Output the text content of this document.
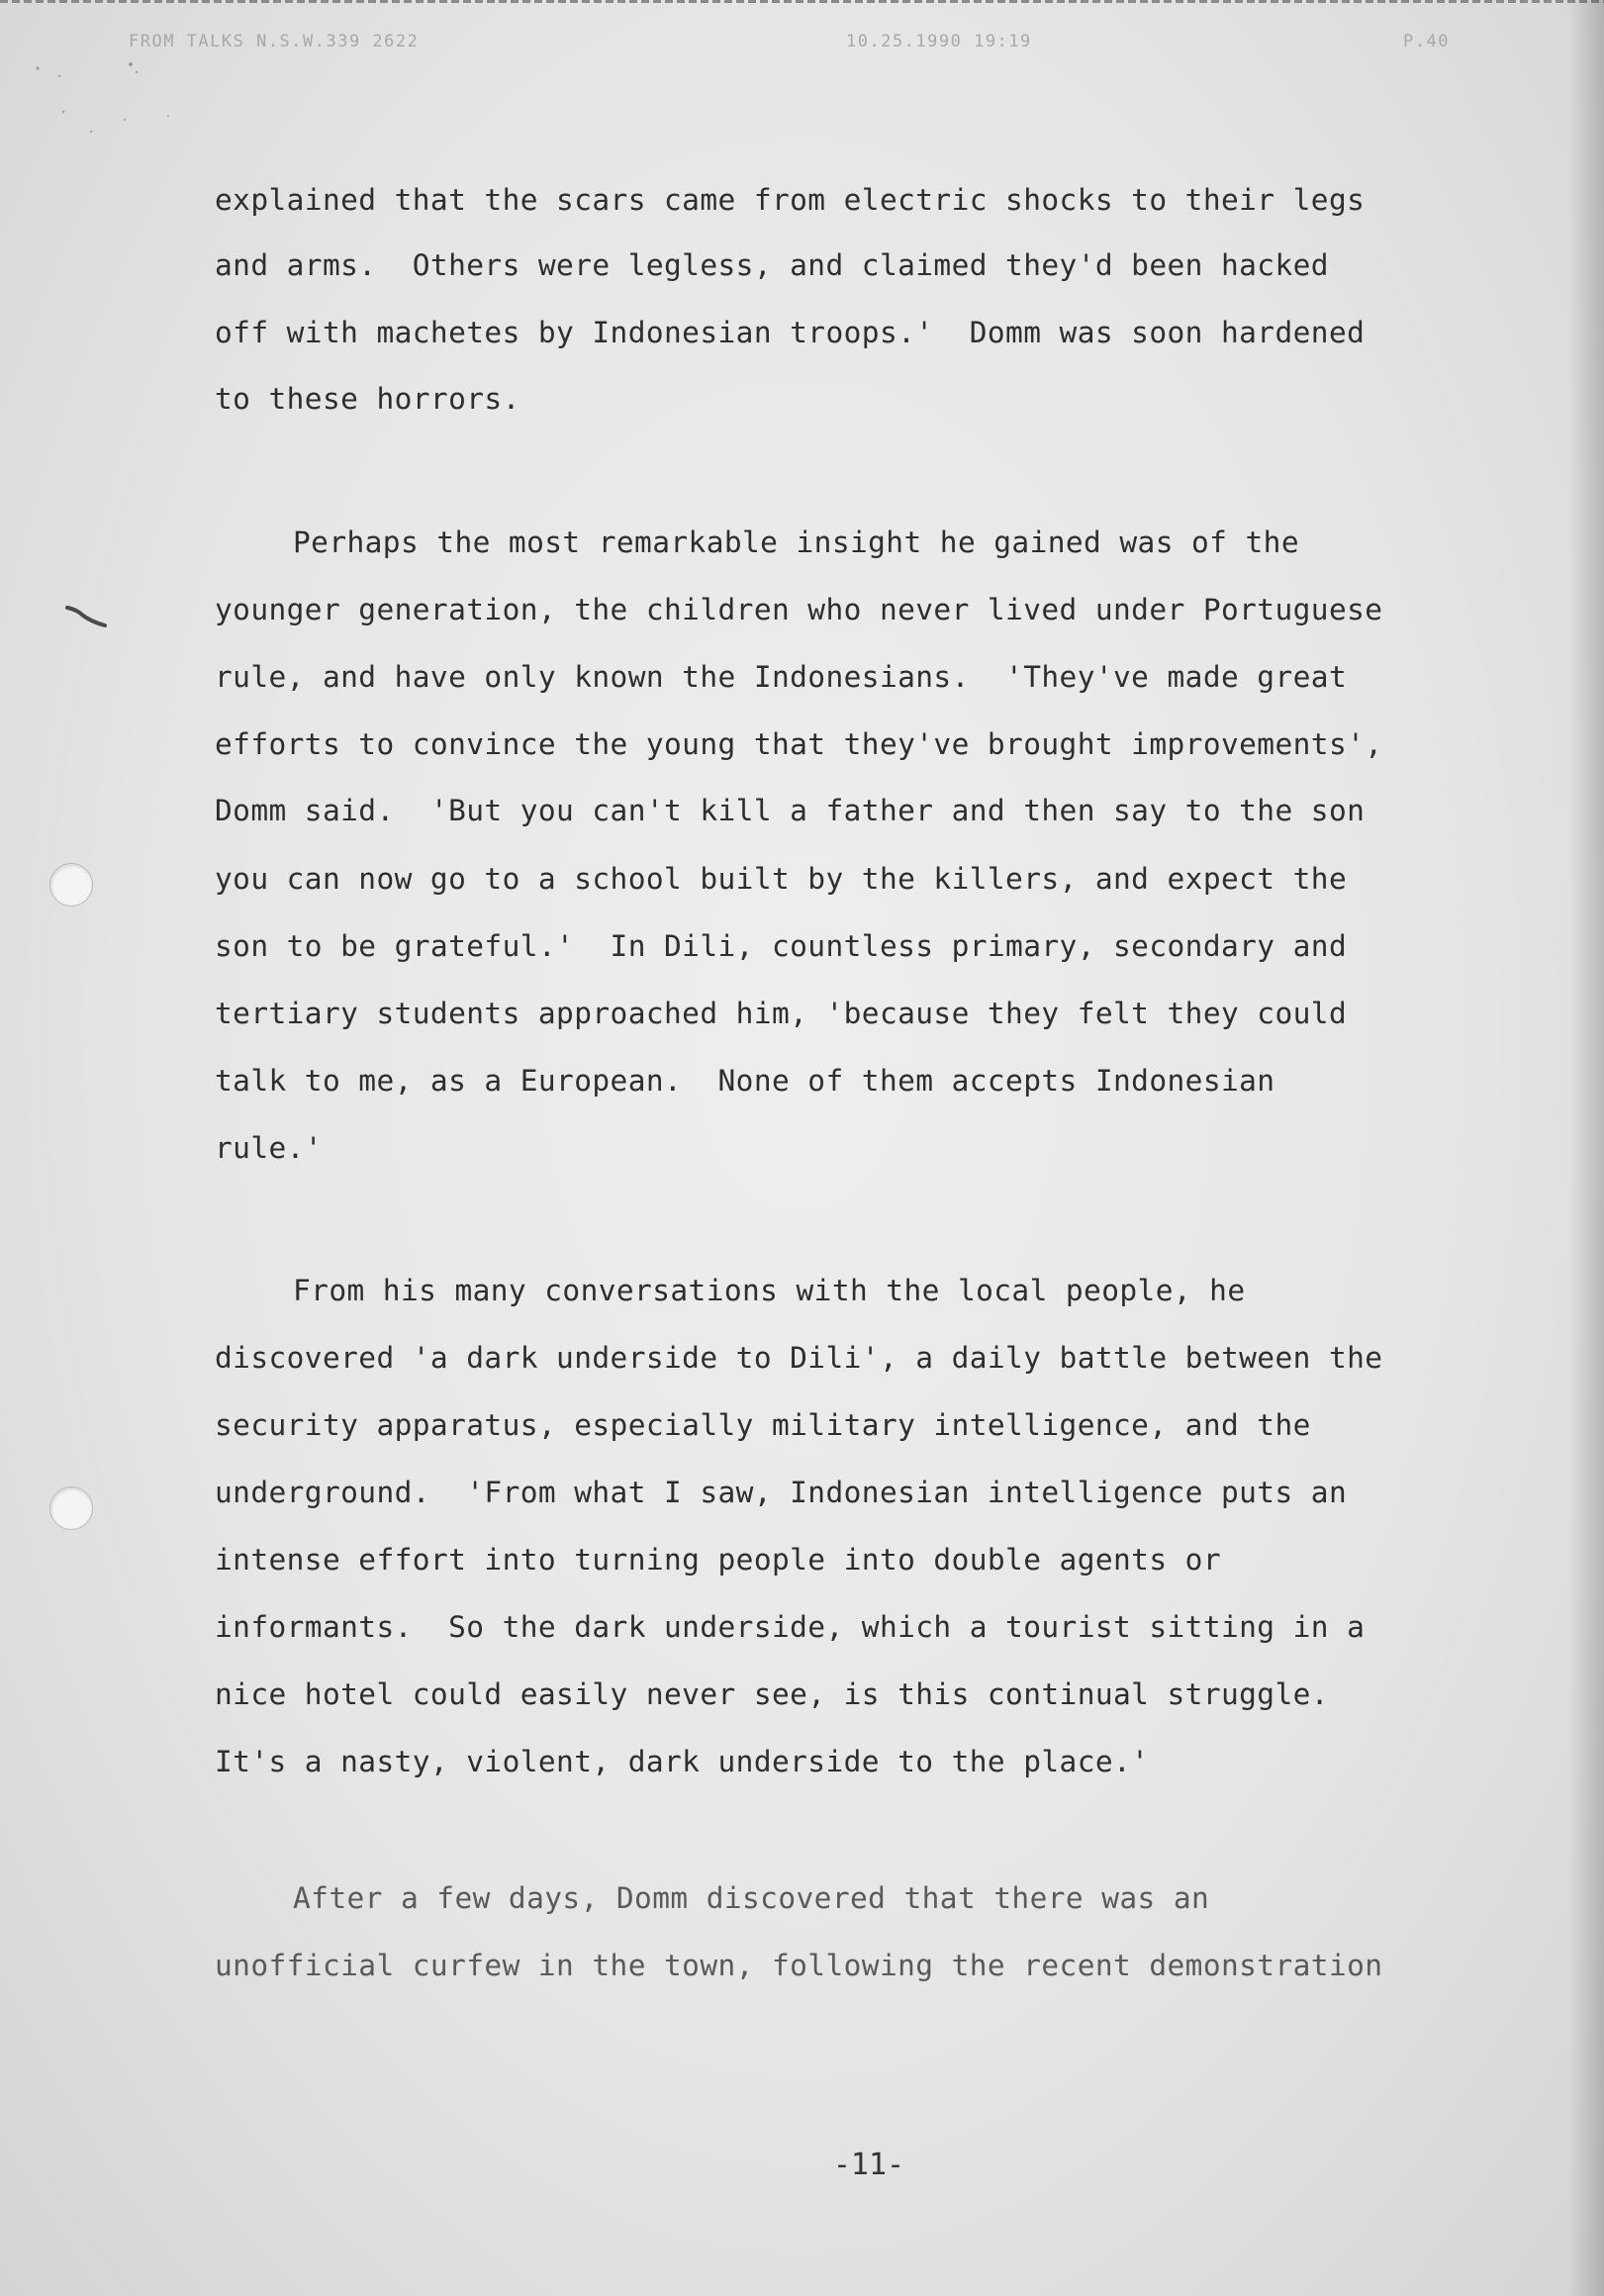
FROM TALKS N.S.W.339 2622	10.25.1990 19:19	P.40
explained that the scars came from electric shocks to their legs
and arms.  Others were legless, and claimed they'd been hacked
off with machetes by Indonesian troops.'  Domm was soon hardened
to these horrors.
Perhaps the most remarkable insight he gained was of the
younger generation, the children who never lived under Portuguese
rule, and have only known the Indonesians.  'They've made great
efforts to convince the young that they've brought improvements',
Domm said.  'But you can't kill a father and then say to the son
you can now go to a school built by the killers, and expect the
son to be grateful.'  In Dili, countless primary, secondary and
tertiary students approached him, 'because they felt they could
talk to me, as a European.  None of them accepts Indonesian
rule.'
From his many conversations with the local people, he
discovered 'a dark underside to Dili', a daily battle between the
security apparatus, especially military intelligence, and the
underground.  'From what I saw, Indonesian intelligence puts an
intense effort into turning people into double agents or
informants.  So the dark underside, which a tourist sitting in a
nice hotel could easily never see, is this continual struggle.
It's a nasty, violent, dark underside to the place.'
After a few days, Domm discovered that there was an
unofficial curfew in the town, following the recent demonstration
-11-
